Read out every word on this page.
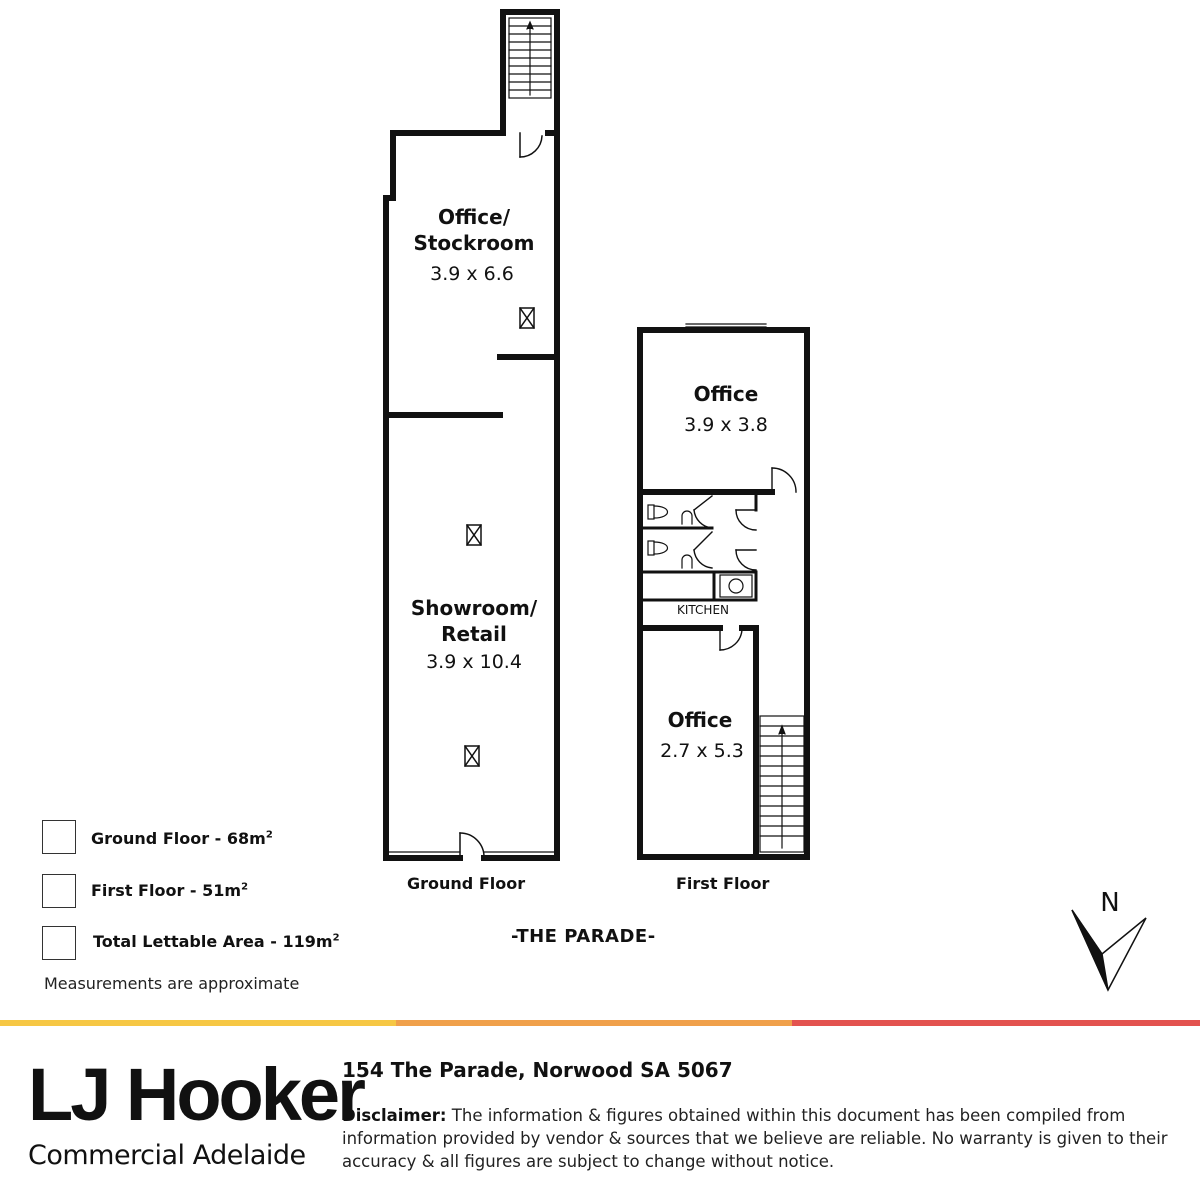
Office/
Stockroom
3.9 x 6.6
Showroom/
Retail
3.9 x 10.4
Office
3.9 x 3.8
Office
2.7 x 5.3
KITCHEN
N
Ground Floor	First Floor
-THE PARADE-
Ground Floor - $68m^2$
First Floor - $51m^2$
Total Lettable Area - $119m^2$
Measurements are approximate
LJ Hooker
Commercial Adelaide
154 The Parade, Norwood SA 5067
Disclaimer: The information & figures obtained within this document has been compiled from information provided by vendor & sources that we believe are reliable. No warranty is given to their accuracy & all figures are subject to change without notice.
